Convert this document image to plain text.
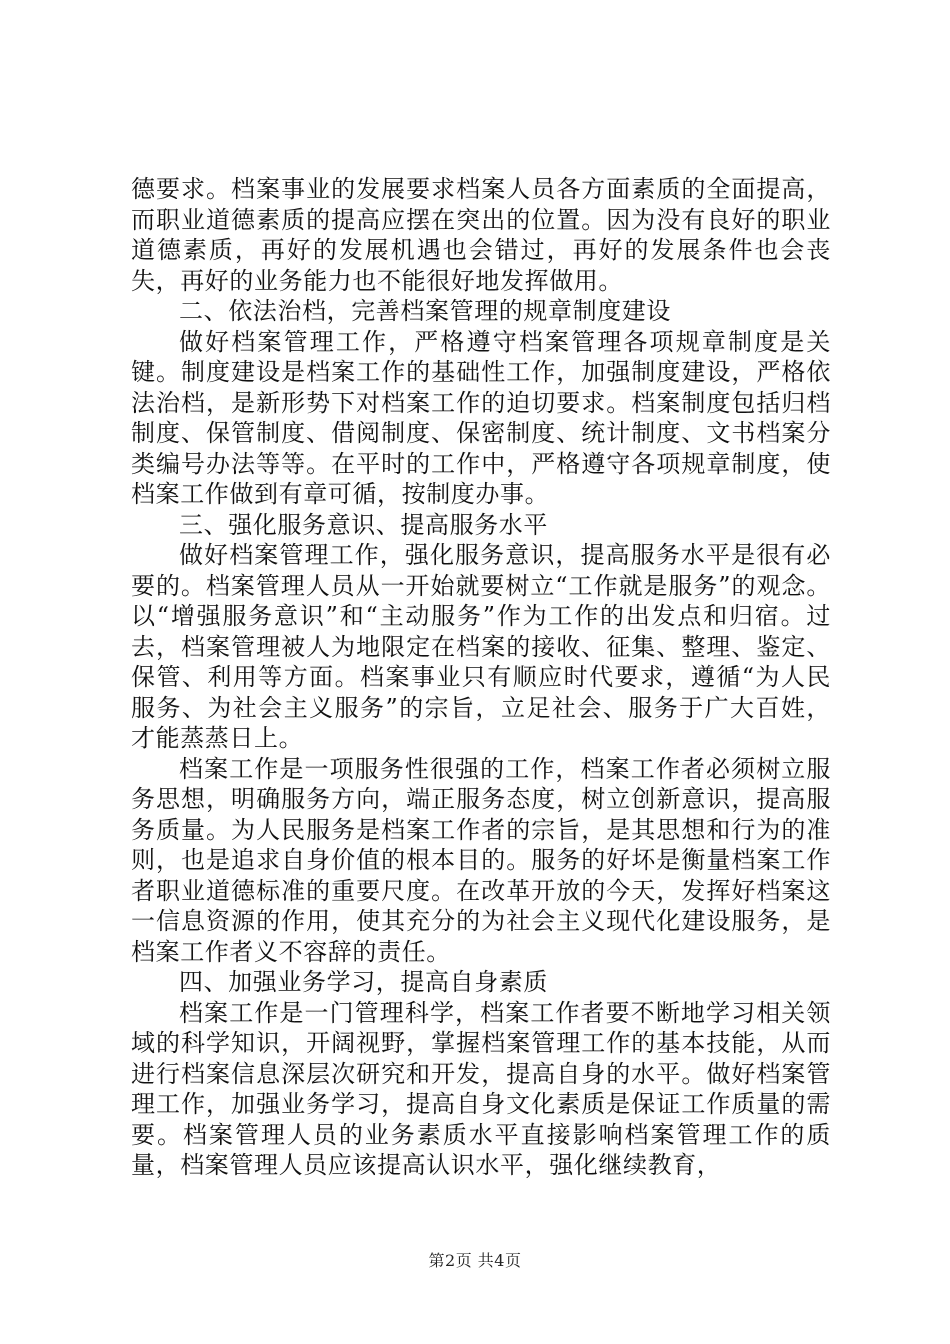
德要求。档案事业的发展要求档案人员各方面素质的全面提高，而职业道德素质的提高应摆在突出的位置。因为没有良好的职业道德素质，再好的发展机遇也会错过，再好的发展条件也会丧失，再好的业务能力也不能很好地发挥做用。

二、依法治档，完善档案管理的规章制度建设

做好档案管理工作，严格遵守档案管理各项规章制度是关键。制度建设是档案工作的基础性工作，加强制度建设，严格依法治档，是新形势下对档案工作的迫切要求。档案制度包括归档制度、保管制度、借阅制度、保密制度、统计制度、文书档案分类编号办法等等。在平时的工作中，严格遵守各项规章制度，使档案工作做到有章可循，按制度办事。

三、强化服务意识、提高服务水平

做好档案管理工作，强化服务意识，提高服务水平是很有必要的。档案管理人员从一开始就要树立“工作就是服务”的观念。以“增强服务意识”和“主动服务”作为工作的出发点和归宿。过去，档案管理被人为地限定在档案的接收、征集、整理、鉴定、保管、利用等方面。档案事业只有顺应时代要求，遵循“为人民服务、为社会主义服务”的宗旨，立足社会、服务于广大百姓，才能蒸蒸日上。

档案工作是一项服务性很强的工作，档案工作者必须树立服务思想，明确服务方向，端正服务态度，树立创新意识，提高服务质量。为人民服务是档案工作者的宗旨，是其思想和行为的准则，也是追求自身价值的根本目的。服务的好坏是衡量档案工作者职业道德标准的重要尺度。在改革开放的今天，发挥好档案这一信息资源的作用，使其充分的为社会主义现代化建设服务，是档案工作者义不容辞的责任。

四、加强业务学习，提高自身素质

档案工作是一门管理科学，档案工作者要不断地学习相关领域的科学知识，开阔视野，掌握档案管理工作的基本技能，从而进行档案信息深层次研究和开发，提高自身的水平。做好档案管理工作，加强业务学习，提高自身文化素质是保证工作质量的需要。档案管理人员的业务素质水平直接影响档案管理工作的质量，档案管理人员应该提高认识水平，强化继续教育，

第2页 共4页
